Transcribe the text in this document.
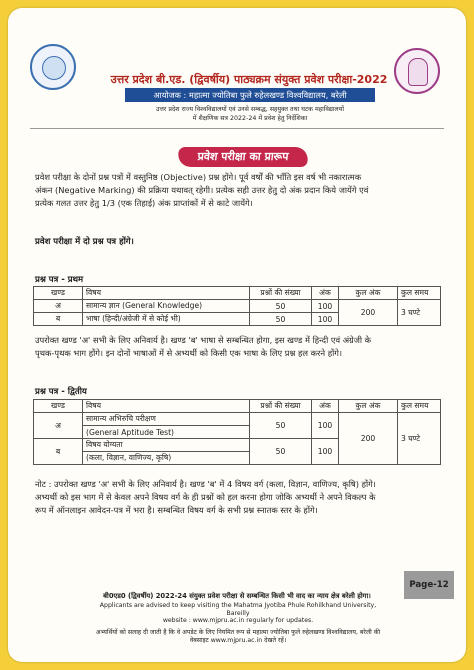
उत्तर प्रदेश बी.एड. (द्विवर्षीय) पाठ्यक्रम संयुक्त प्रवेश परीक्षा-2022
आयोजक : महात्मा ज्योतिबा फुले रुहेलखण्ड विश्वविद्यालय, बरेली
उत्तर प्रदेश राज्य विश्वविद्यालयों एवं उनसे सम्बद्ध, सहयुक्त तथा घटक महाविद्यालयों
में शैक्षणिक सत्र 2022-24 में प्रवेश हेतु निर्देशिका
प्रवेश परीक्षा का प्रारूप
प्रवेश परीक्षा के दोनों प्रश्न पत्रों में वस्तुनिष्ठ (Objective) प्रश्न होंगे। पूर्व वर्षों की भाँति इस वर्ष भी नकारात्मक
अंकन (Negative Marking) की प्रक्रिया यथावत् रहेगी। प्रत्येक सही उत्तर हेतु दो अंक प्रदान किये जायेंगे एवं
प्रत्येक गलत उत्तर हेतु 1/3 (एक तिहाई) अंक प्राप्तांकों में से काटे जायेंगे।
प्रवेश परीक्षा में दो प्रश्न पत्र होंगे।
प्रश्न पत्र - प्रथम
खण्ड	विषय	प्रश्नों की संख्या	अंक	कुल अंक	कुल समय
अ	सामान्य ज्ञान (General Knowledge)	50	100	200	3 घण्टे
ब	भाषा (हिन्दी/अंग्रेजी में से कोई भी)	50	100		
उपरोक्त खण्ड 'अ' सभी के लिए अनिवार्य है। खण्ड 'ब' भाषा से सम्बन्धित होगा, इस खण्ड में हिन्दी एवं अंग्रेजी के
पृथक-पृथक भाग होंगे। इन दोनों भाषाओं में से अभ्यर्थी को किसी एक भाषा के लिए प्रश्न हल करने होंगे।
प्रश्न पत्र - द्वितीय
खण्ड	विषय	प्रश्नों की संख्या	अंक	कुल अंक	कुल समय
अ	सामान्य अभिरुचि परीक्षण	50	100	200	3 घण्टे
	(General Aptitude Test)				
ब	विषय योग्यता	50	100		
	(कला, विज्ञान, वाणिज्य, कृषि)				
नोट : उपरोक्त खण्ड 'अ' सभी के लिए अनिवार्य है। खण्ड 'ब' में 4 विषय वर्ग (कला, विज्ञान, वाणिज्य, कृषि) होंगे।
अभ्यर्थी को इस भाग में से केवल अपने विषय वर्ग के ही प्रश्नों को हल करना होगा जोकि अभ्यर्थी ने अपने विकल्प के
रूप में ऑनलाइन आवेदन-पत्र में भरा है। सम्बन्धित विषय वर्ग के सभी प्रश्न स्नातक स्तर के होंगे।
बी0एड0 (द्विवर्षीय) 2022-24 संयुक्त प्रवेश परीक्षा से सम्बन्धित किसी भी वाद का न्याय क्षेत्र बरेली होगा।
Applicants are advised to keep visiting the Mahatma Jyotiba Phule Rohilkhand University, Bareilly
website : www.mjpru.ac.in regularly for updates.
अभ्यर्थियों को सलाह दी जाती है कि वे अपडेट के लिए नियमित रूप से महात्मा ज्योतिबा फुले रुहेलखण्ड विश्वविद्यालय, बरेली की
वेबसाइट www.mjpru.ac.in देखते रहें।
Page-12
